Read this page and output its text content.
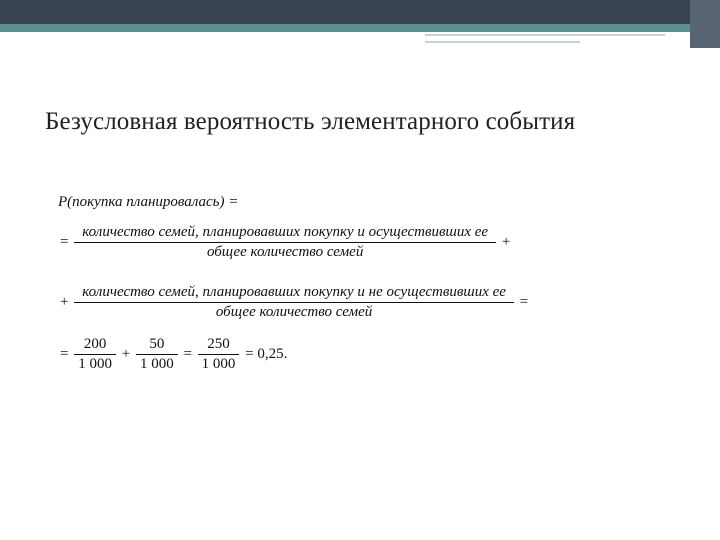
Безусловная вероятность элементарного события
P(покупка планировалась) =
= $\frac{\text{количество семей, планировавших покупку и осуществивших ее}}{\text{общее количество семей}}$ +
+
количество семей, планировавших покупку и не осуществивших ее
общее количество семей
=
= $\frac{200}{1 000} + \frac{50}{1 000} = \frac{250}{1 000} = 0,25$.
